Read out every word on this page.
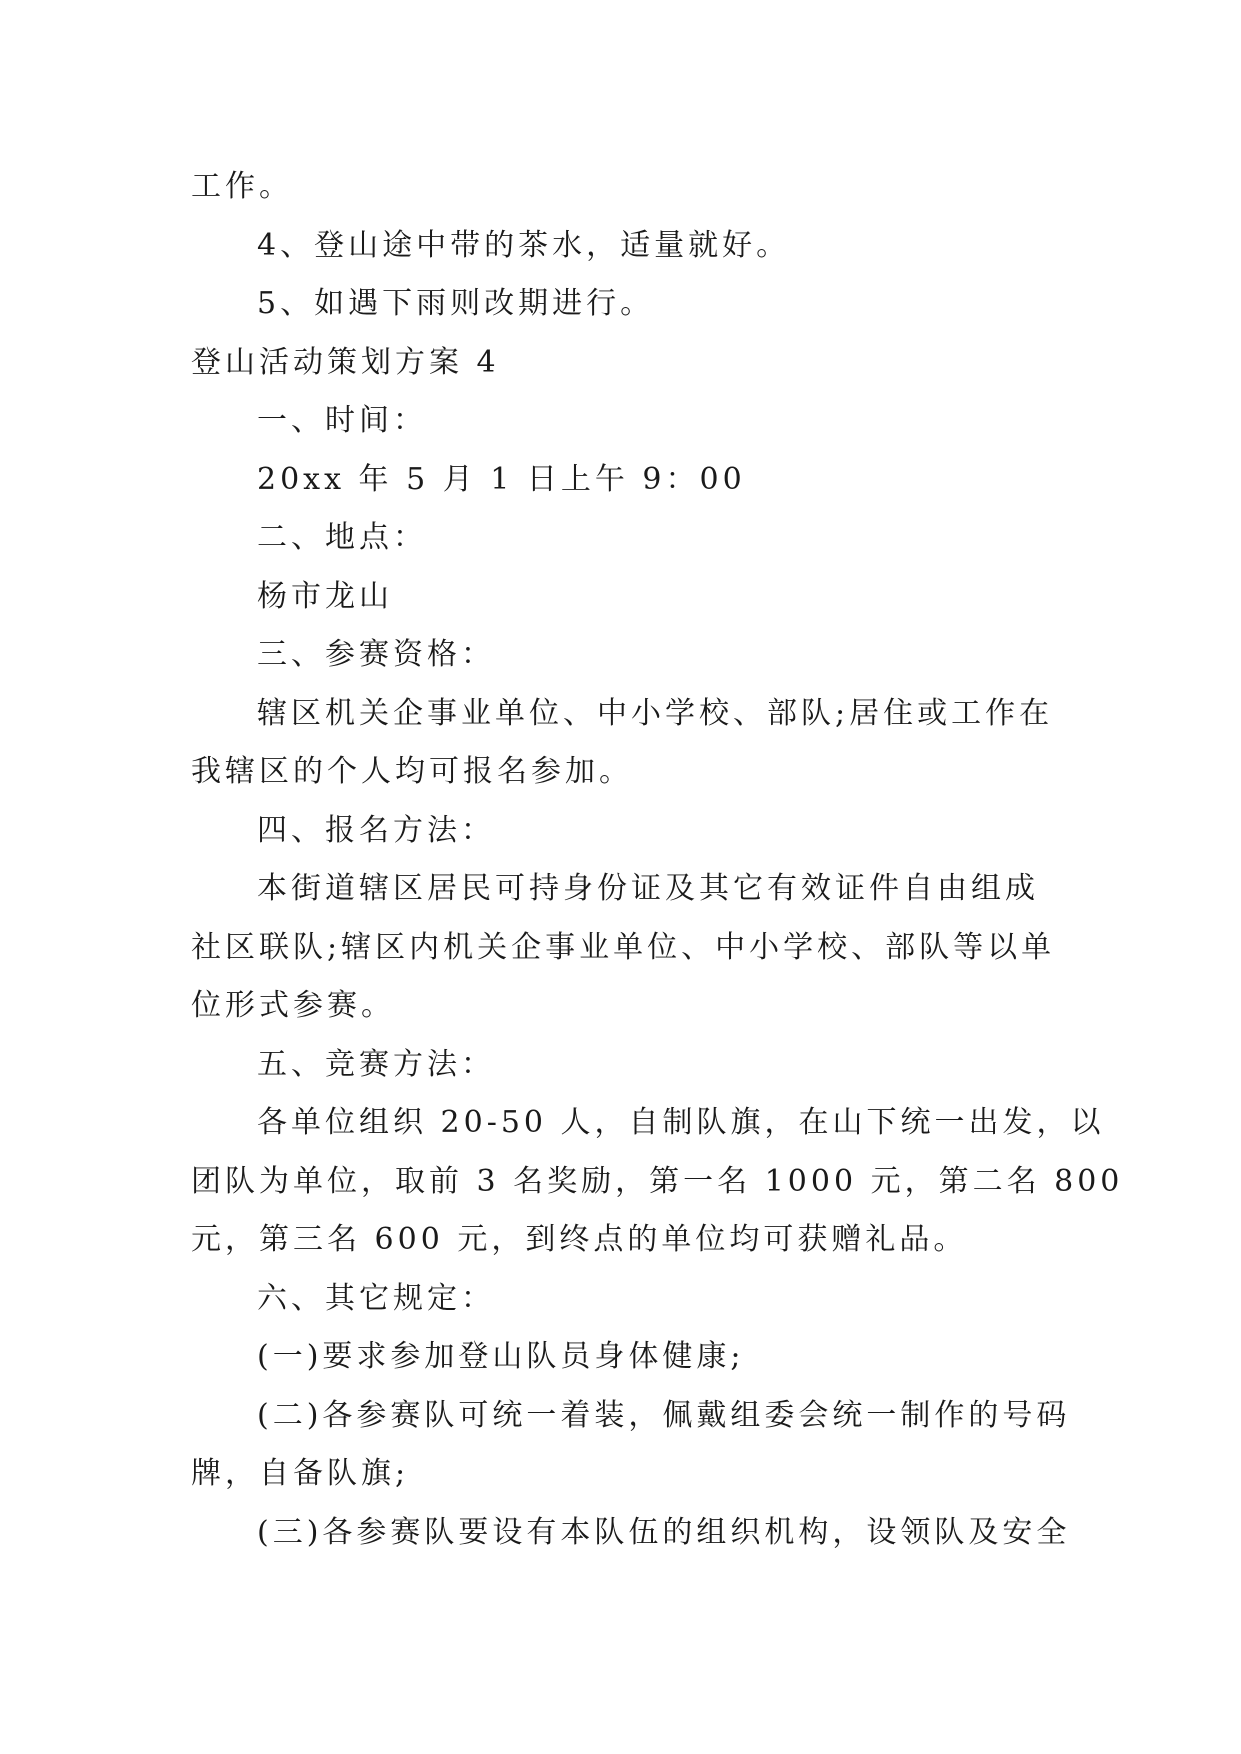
工作。
4、登山途中带的茶水，适量就好。
5、如遇下雨则改期进行。
登山活动策划方案 4
一、时间：
20xx 年 5 月 1 日上午 9：00
二、地点：
杨市龙山
三、参赛资格：
辖区机关企事业单位、中小学校、部队;居住或工作在
我辖区的个人均可报名参加。
四、报名方法：
本街道辖区居民可持身份证及其它有效证件自由组成
社区联队;辖区内机关企事业单位、中小学校、部队等以单
位形式参赛。
五、竞赛方法：
各单位组织 20-50 人，自制队旗，在山下统一出发，以
团队为单位，取前 3 名奖励，第一名 1000 元，第二名 800
元，第三名 600 元，到终点的单位均可获赠礼品。
六、其它规定：
(一)要求参加登山队员身体健康;
(二)各参赛队可统一着装，佩戴组委会统一制作的号码
牌，自备队旗;
(三)各参赛队要设有本队伍的组织机构，设领队及安全
